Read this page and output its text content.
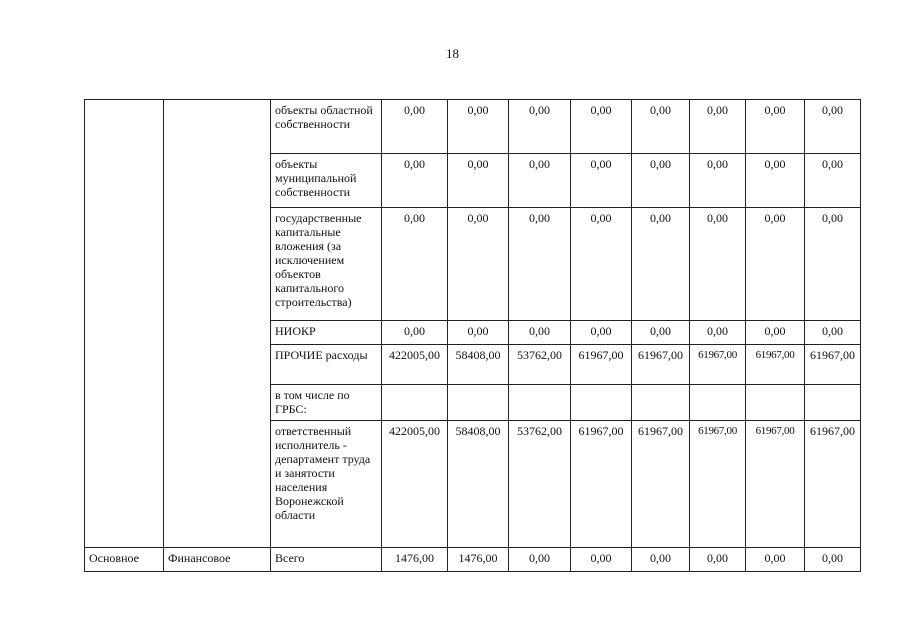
18
		объекты областной собственности	0,00	0,00	0,00	0,00	0,00	0,00	0,00	0,00
		объекты муниципальной собственности	0,00	0,00	0,00	0,00	0,00	0,00	0,00	0,00
		государственные капитальные вложения (за исключением объектов капитального строительства)	0,00	0,00	0,00	0,00	0,00	0,00	0,00	0,00
		НИОКР	0,00	0,00	0,00	0,00	0,00	0,00	0,00	0,00
		ПРОЧИЕ расходы	422005,00	58408,00	53762,00	61967,00	61967,00	61967,00	61967,00	61967,00
		в том числе по ГРБС:								
		ответственный исполнитель - департамент труда и занятости населения Воронежской области	422005,00	58408,00	53762,00	61967,00	61967,00	61967,00	61967,00	61967,00
Основное	Финансовое	Всего	1476,00	1476,00	0,00	0,00	0,00	0,00	0,00	0,00
